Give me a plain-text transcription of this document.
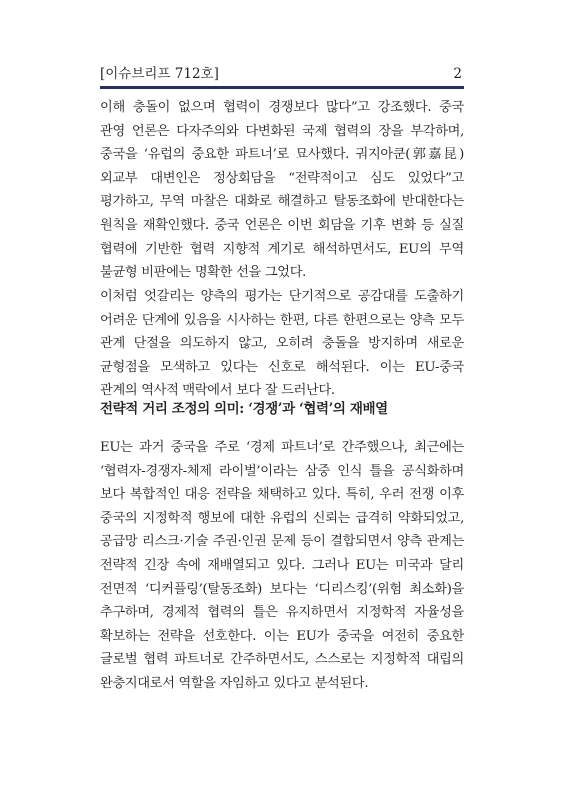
[이슈브리프 712호]	2
이해 충돌이 없으며 협력이 경쟁보다 많다”고 강조했다. 중국 관영 언론은 다자주의와 다변화된 국제 협력의 장을 부각하며, 중국을 ‘유럽의 중요한 파트너’로 묘사했다. 궈지아쿤(郭嘉昆) 외교부 대변인은 정상회담을 “전략적이고 심도 있었다”고 평가하고, 무역 마찰은 대화로 해결하고 탈동조화에 반대한다는 원칙을 재확인했다. 중국 언론은 이번 회담을 기후 변화 등 실질 협력에 기반한 협력 지향적 계기로 해석하면서도, EU의 무역 불균형 비판에는 명확한 선을 그었다.
이처럼 엇갈리는 양측의 평가는 단기적으로 공감대를 도출하기 어려운 단계에 있음을 시사하는 한편, 다른 한편으로는 양측 모두 관계 단절을 의도하지 않고, 오히려 충돌을 방지하며 새로운 균형점을 모색하고 있다는 신호로 해석된다. 이는 EU-중국 관계의 역사적 맥락에서 보다 잘 드러난다.
전략적 거리 조정의 의미: ‘경쟁’과 ‘협력’의 재배열
EU는 과거 중국을 주로 ‘경제 파트너’로 간주했으나, 최근에는 ‘협력자-경쟁자-체제 라이벌’이라는 삼중 인식 틀을 공식화하며 보다 복합적인 대응 전략을 채택하고 있다. 특히, 우러 전쟁 이후 중국의 지정학적 행보에 대한 유럽의 신뢰는 급격히 약화되었고, 공급망 리스크·기술 주권·인권 문제 등이 결합되면서 양측 관계는 전략적 긴장 속에 재배열되고 있다. 그러나 EU는 미국과 달리 전면적 ‘디커플링’(탈동조화) 보다는 ‘디리스킹’(위험 최소화)을 추구하며, 경제적 협력의 틀은 유지하면서 지정학적 자율성을 확보하는 전략을 선호한다. 이는 EU가 중국을 여전히 중요한 글로벌 협력 파트너로 간주하면서도, 스스로는 지정학적 대립의 완충지대로서 역할을 자임하고 있다고 분석된다.
